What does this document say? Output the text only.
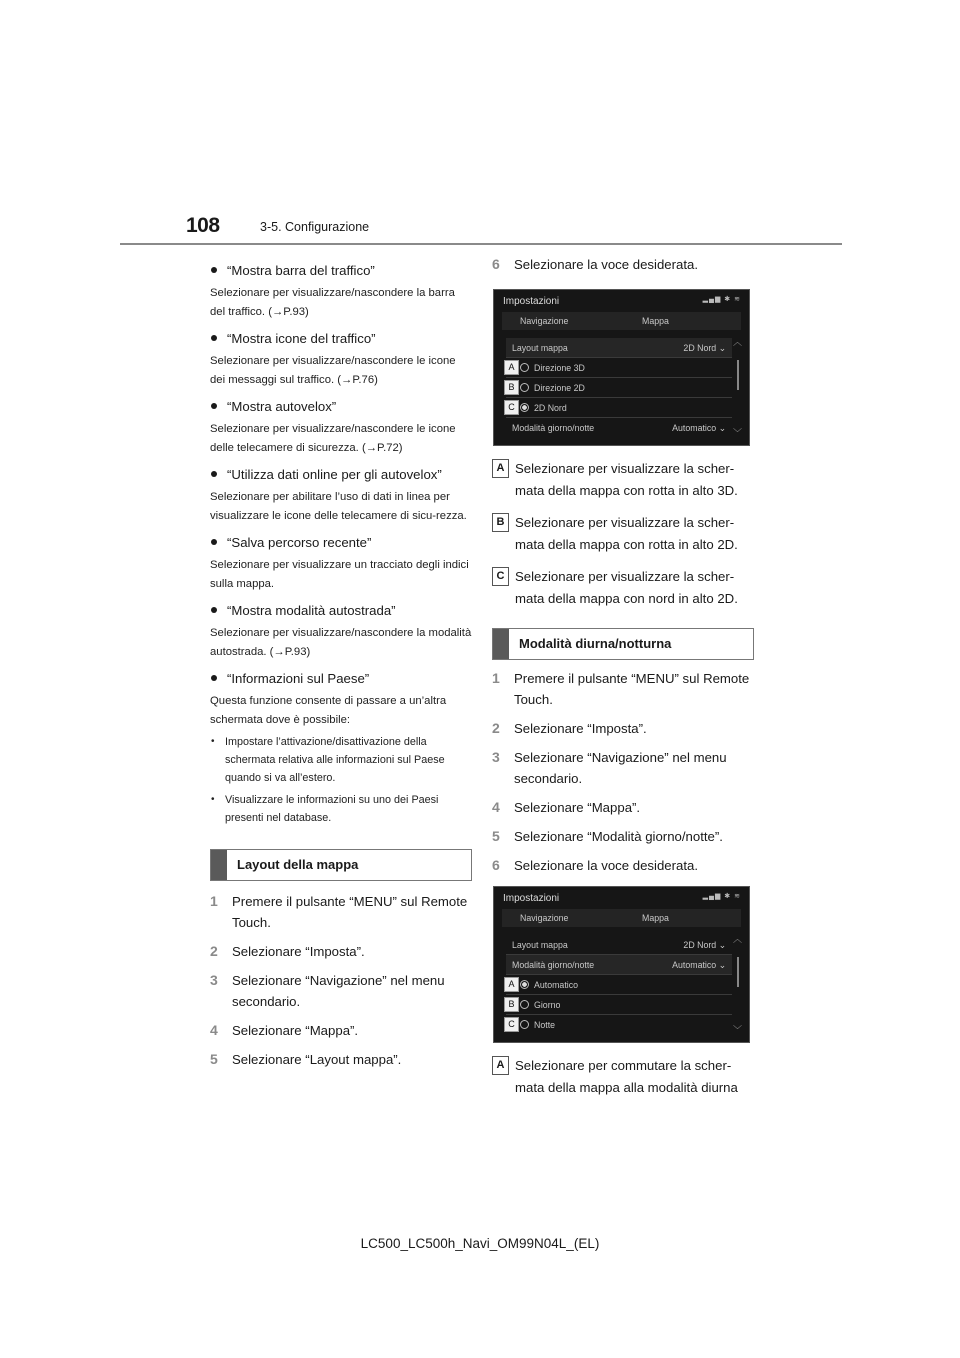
108	3-5. Configurazione
“Mostra barra del traffico”

Selezionare per visualizzare/nascondere la barra del traffico. (→P.93)

“Mostra icone del traffico”

Selezionare per visualizzare/nascondere le icone dei messaggi sul traffico. (→P.76)

“Mostra autovelox”

Selezionare per visualizzare/nascondere le icone delle telecamere di sicurezza. (→P.72)

“Utilizza dati online per gli autovelox”

Selezionare per abilitare l’uso di dati in linea per visualizzare le icone delle telecamere di sicu-rezza.

“Salva percorso recente”

Selezionare per visualizzare un tracciato degli indici sulla mappa.

“Mostra modalità autostrada”

Selezionare per visualizzare/nascondere la modalità autostrada. (→P.93)

“Informazioni sul Paese”

Questa funzione consente di passare a un’altra schermata dove è possibile:

• Impostare l’attivazione/disattivazione della schermata relativa alle informazioni sul Paese quando si va all’estero.
• Visualizzare le informazioni su uno dei Paesi presenti nel database.
Layout della mappa
1	Premere il pulsante “MENU” sul Remote Touch.
2	Selezionare “Imposta”.
3	Selezionare “Navigazione” nel menu secondario.
4	Selezionare “Mappa”.
5	Selezionare “Layout mappa”.
6	Selezionare la voce desiderata.
Impostazioni	▂▄▆ ✱ ≋
Navigazione	Mappa
Layout mappa	2D Nord ⌄
A	Direzione 3D
B	Direzione 2D
C	2D Nord
Modalità giorno/notte	Automatico ⌄
︿
﹀
A Selezionare per visualizzare la scher-mata della mappa con rotta in alto 3D.
B Selezionare per visualizzare la scher-mata della mappa con rotta in alto 2D.
C Selezionare per visualizzare la scher-mata della mappa con nord in alto 2D.
Modalità diurna/notturna
1	Premere il pulsante “MENU” sul Remote Touch.
2	Selezionare “Imposta”.
3	Selezionare “Navigazione” nel menu secondario.
4	Selezionare “Mappa”.
5	Selezionare “Modalità giorno/notte”.
6	Selezionare la voce desiderata.
Impostazioni	▂▄▆ ✱ ≋
Navigazione	Mappa
Layout mappa	2D Nord ⌄
Modalità giorno/notte	Automatico ⌄
A	Automatico
B	Giorno
C	Notte
︿
﹀
A Selezionare per commutare la scher-mata della mappa alla modalità diurna
LC500_LC500h_Navi_OM99N04L_(EL)
